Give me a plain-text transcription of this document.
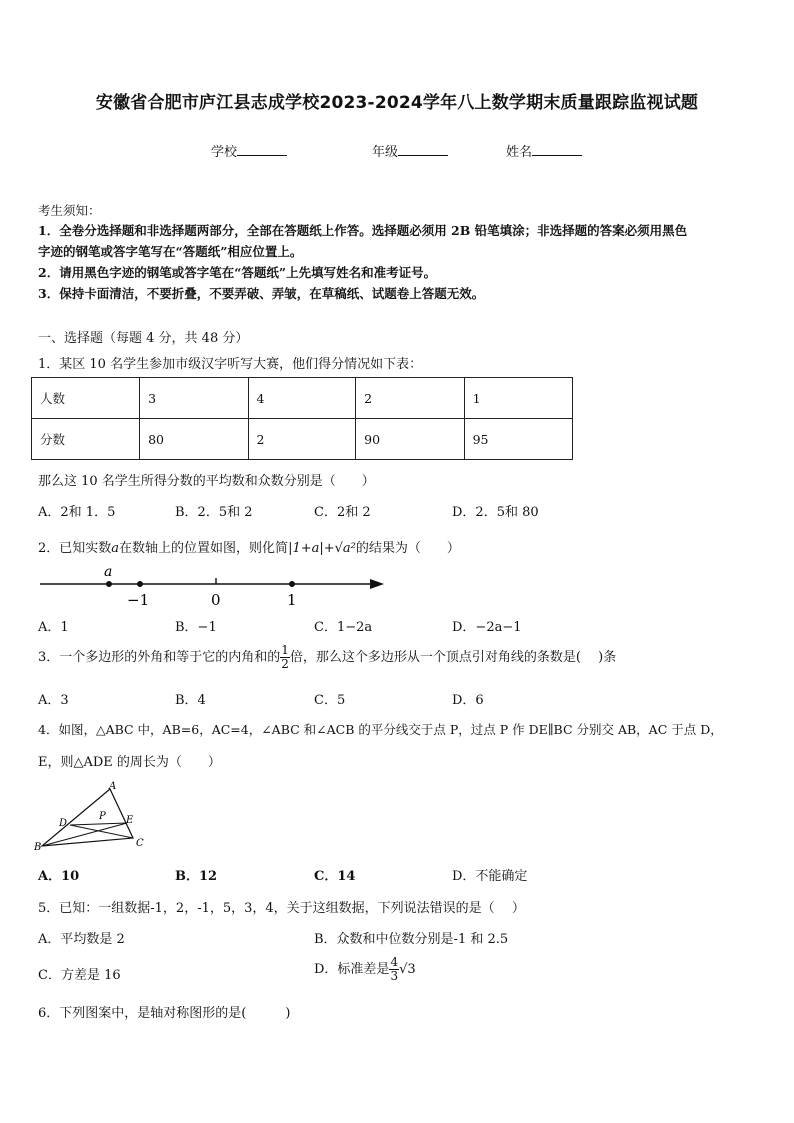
安徽省合肥市庐江县志成学校2023-2024学年八上数学期末质量跟踪监视试题
学校	年级	姓名
考生须知：
1．全卷分选择题和非选择题两部分，全部在答题纸上作答。选择题必须用 2B 铅笔填涂；非选择题的答案必须用黑色
字迹的钢笔或答字笔写在“答题纸”相应位置上。
2．请用黑色字迹的钢笔或答字笔在“答题纸”上先填写姓名和准考证号。
3．保持卡面清洁，不要折叠，不要弄破、弄皱，在草稿纸、试题卷上答题无效。
一、选择题（每题 4 分，共 48 分）
1．某区 10 名学生参加市级汉字听写大赛，他们得分情况如下表：
人数	3	4	2	1
分数	80	2	90	95
那么这 10 名学生所得分数的平均数和众数分别是（　　）
A．2和 1．5	B．2．5和 2	C．2和 2	D．2．5和 80
2．已知实数a在数轴上的位置如图，则化简|1+a|+√a²的结果为（　　）
a
−1	0	1
A．1	B．−1	C．1−2a	D．−2a−1
3．一个多边形的外角和等于它的内角和的 $\frac{1}{2}$ 倍，那么这个多边形从一个顶点引对角线的条数是(　 )条
A．3	B．4	C．5	D．6
4．如图，△ABC 中，AB=6，AC=4，∠ABC 和∠ACB 的平分线交于点 P，过点 P 作 DE∥BC 分别交 AB，AC 于点 D，
E，则△ADE 的周长为（　　）
A
B	C
D	E
P
A．10	B．12	C．14	D．不能确定
5．已知：一组数据-1，2，-1，5，3，4，关于这组数据，下列说法错误的是（　 ）
A．平均数是 2	B．众数和中位数分别是-1 和 2.5
C．方差是 16	D．标准差是 $\frac{4}{3} √3$
6．下列图案中，是轴对称图形的是(　　　)
